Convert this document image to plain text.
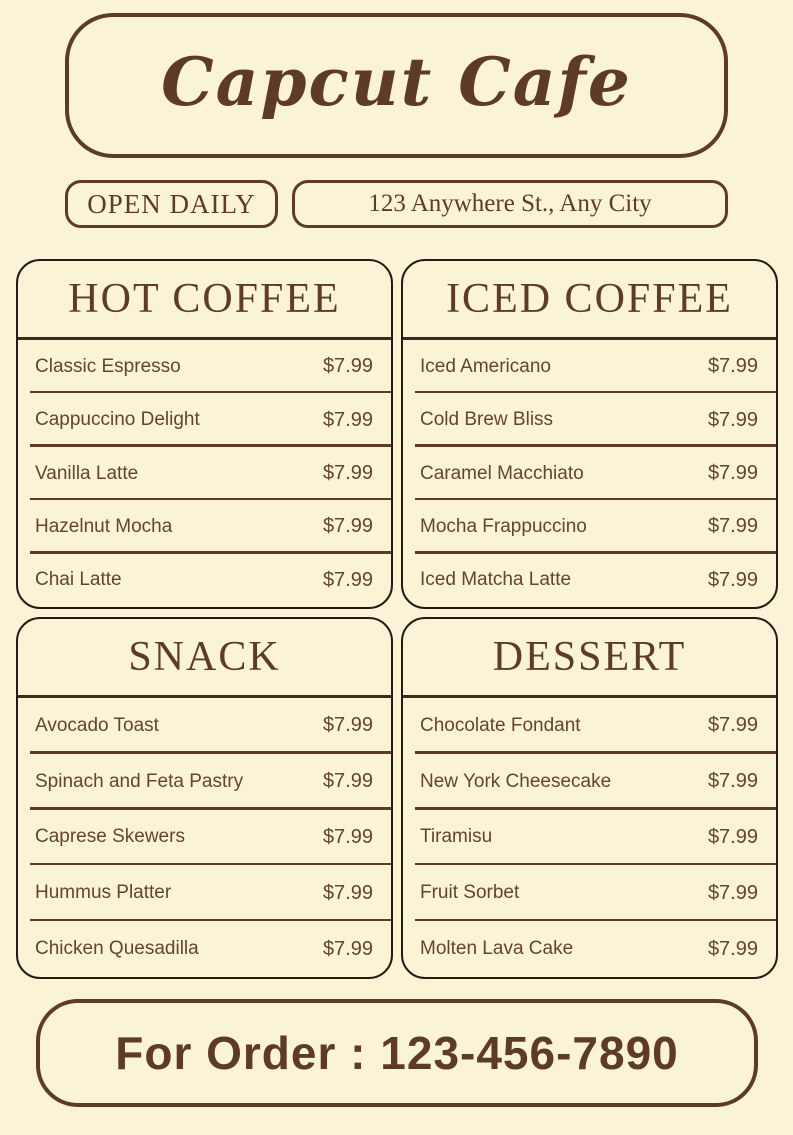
Capcut Cafe
OPEN DAILY	123 Anywhere St., Any City
HOT COFFEE
Classic Espresso	$7.99
Cappuccino Delight	$7.99
Vanilla Latte	$7.99
Hazelnut Mocha	$7.99
Chai Latte	$7.99
ICED COFFEE
Iced Americano	$7.99
Cold Brew Bliss	$7.99
Caramel Macchiato	$7.99
Mocha Frappuccino	$7.99
Iced Matcha Latte	$7.99
SNACK
Avocado Toast	$7.99
Spinach and Feta Pastry	$7.99
Caprese Skewers	$7.99
Hummus Platter	$7.99
Chicken Quesadilla	$7.99
DESSERT
Chocolate Fondant	$7.99
New York Cheesecake	$7.99
Tiramisu	$7.99
Fruit Sorbet	$7.99
Molten Lava Cake	$7.99
For Order : 123-456-7890
